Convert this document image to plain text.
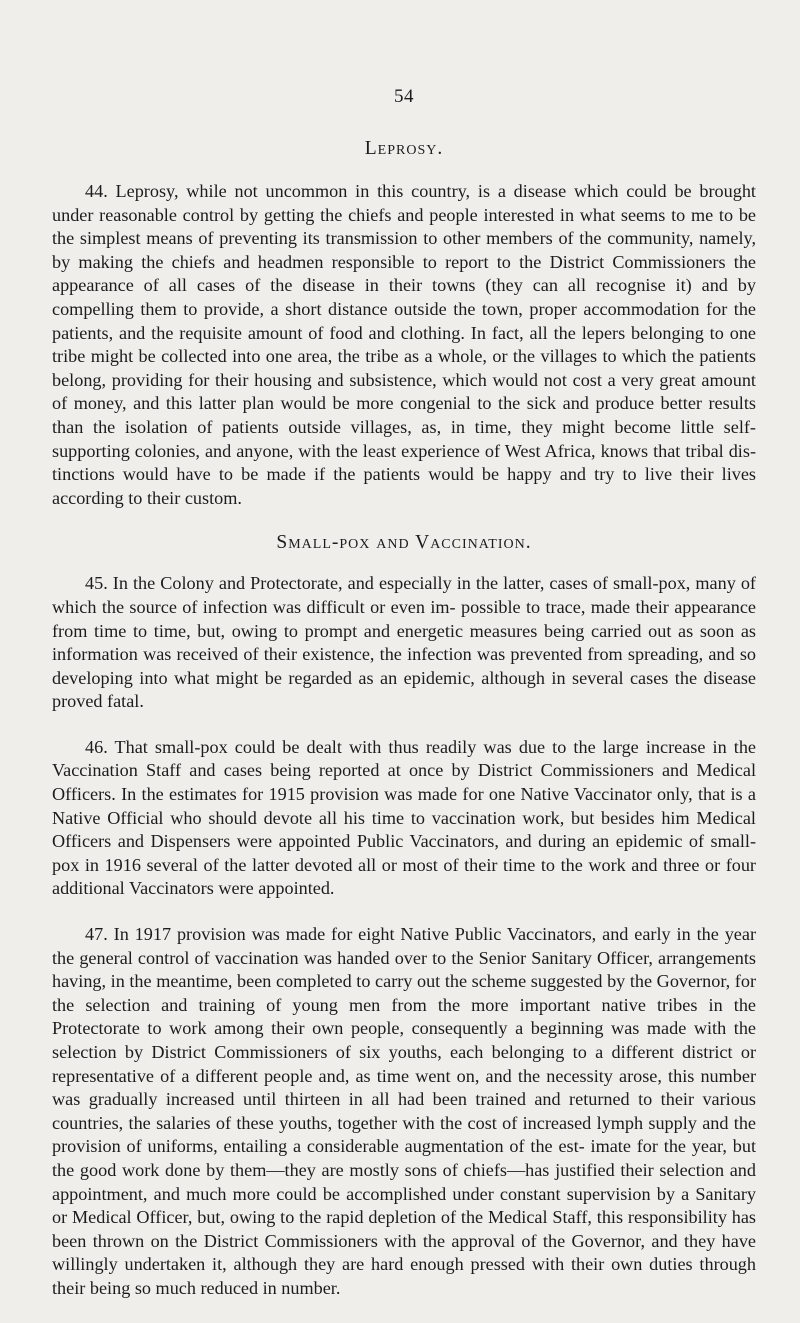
54
Leprosy.

44. Leprosy, while not uncommon in this country, is a disease which could be brought under reasonable control by getting the chiefs and people interested in what seems to me to be the simplest means of preventing its transmission to other members of the community, namely, by making the chiefs and headmen responsible to report to the District Commissioners the appearance of all cases of the disease in their towns (they can all recognise it) and by compelling them to provide, a short distance outside the town, proper accommodation for the patients, and the requisite amount of food and clothing. In fact, all the lepers belonging to one tribe might be collected into one area, the tribe as a whole, or the villages to which the patients belong, providing for their housing and subsistence, which would not cost a very great amount of money, and this latter plan would be more congenial to the sick and produce better results than the isolation of patients outside villages, as, in time, they might become little self-supporting colonies, and anyone, with the least experience of West Africa, knows that tribal dis- tinctions would have to be made if the patients would be happy and try to live their lives according to their custom.

Small-pox and Vaccination.

45. In the Colony and Protectorate, and especially in the latter, cases of small-pox, many of which the source of infection was difficult or even im- possible to trace, made their appearance from time to time, but, owing to prompt and energetic measures being carried out as soon as information was received of their existence, the infection was prevented from spreading, and so developing into what might be regarded as an epidemic, although in several cases the disease proved fatal.

46. That small-pox could be dealt with thus readily was due to the large increase in the Vaccination Staff and cases being reported at once by District Commissioners and Medical Officers. In the estimates for 1915 provision was made for one Native Vaccinator only, that is a Native Official who should devote all his time to vaccination work, but besides him Medical Officers and Dispensers were appointed Public Vaccinators, and during an epidemic of small-pox in 1916 several of the latter devoted all or most of their time to the work and three or four additional Vaccinators were appointed.

47. In 1917 provision was made for eight Native Public Vaccinators, and early in the year the general control of vaccination was handed over to the Senior Sanitary Officer, arrangements having, in the meantime, been completed to carry out the scheme suggested by the Governor, for the selection and training of young men from the more important native tribes in the Protectorate to work among their own people, consequently a beginning was made with the selection by District Commissioners of six youths, each belonging to a different district or representative of a different people and, as time went on, and the necessity arose, this number was gradually increased until thirteen in all had been trained and returned to their various countries, the salaries of these youths, together with the cost of increased lymph supply and the provision of uniforms, entailing a considerable augmentation of the est- imate for the year, but the good work done by them—they are mostly sons of chiefs—has justified their selection and appointment, and much more could be accomplished under constant supervision by a Sanitary or Medical Officer, but, owing to the rapid depletion of the Medical Staff, this responsibility has been thrown on the District Commissioners with the approval of the Governor, and they have willingly undertaken it, although they are hard enough pressed with their own duties through their being so much reduced in number.
